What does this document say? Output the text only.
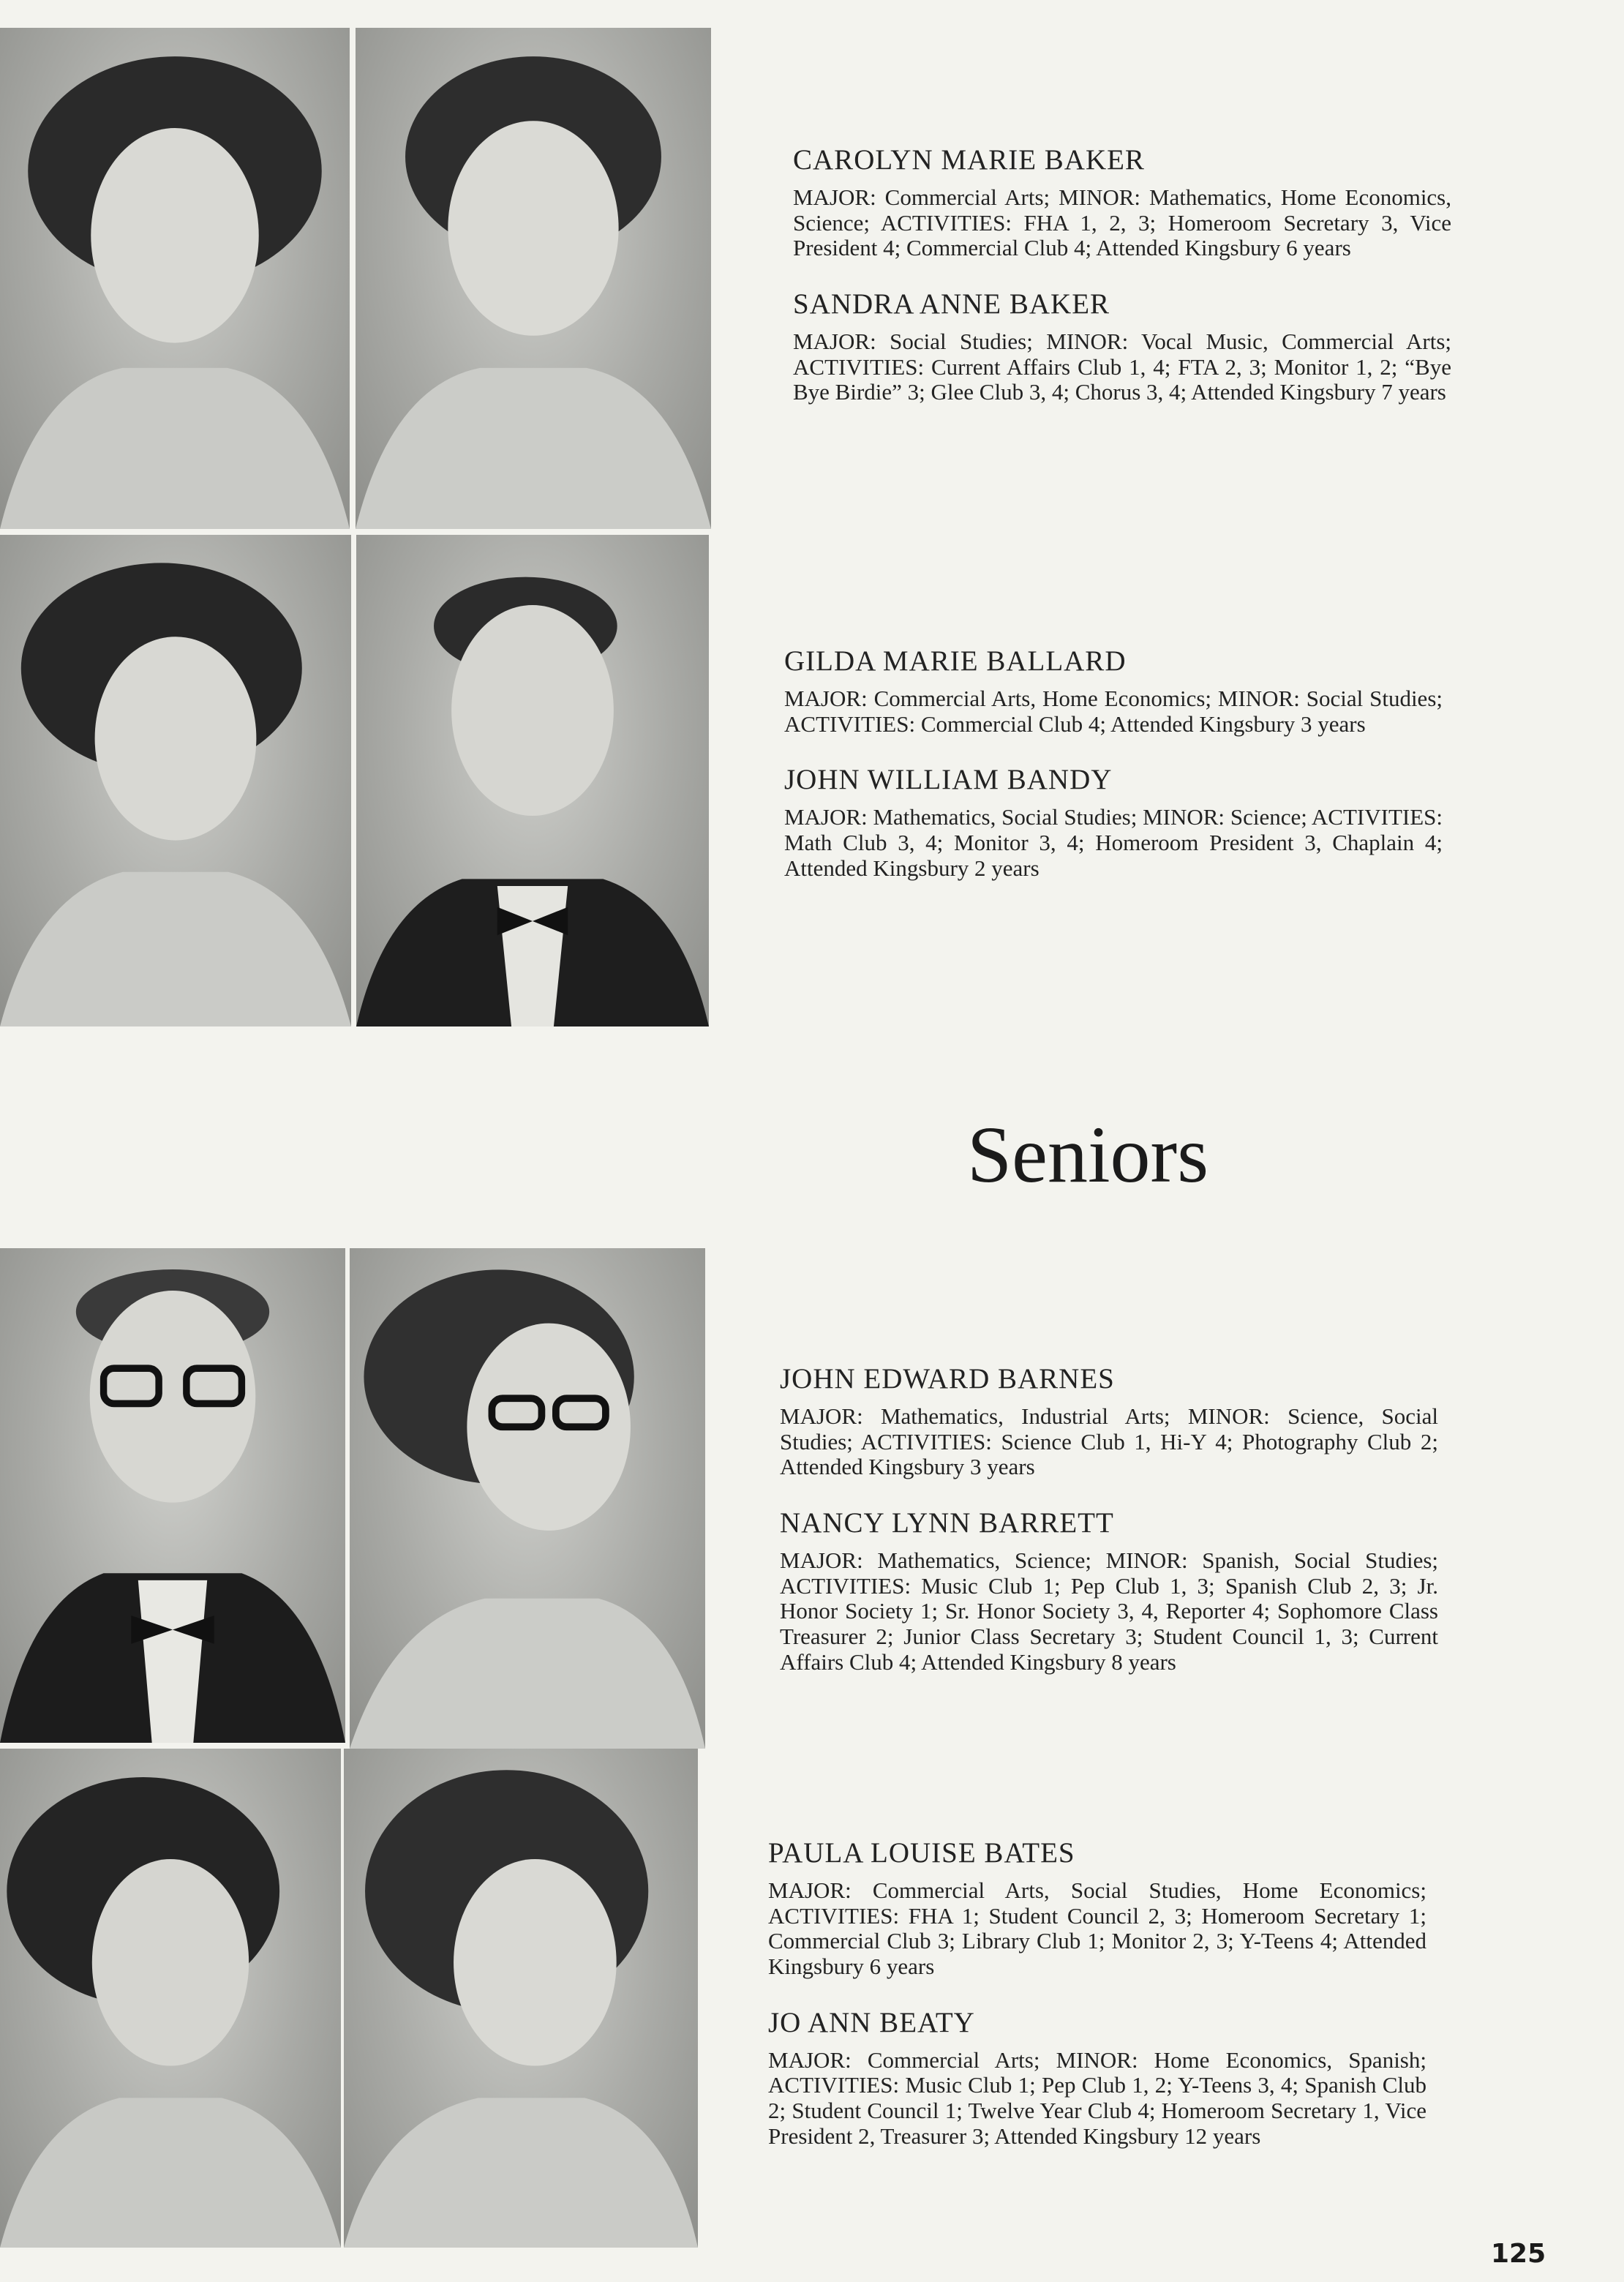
CAROLYN MARIE BAKER
MAJOR: Commercial Arts; MINOR: Mathematics, Home Economics, Science; ACTIVITIES: FHA 1, 2, 3; Homeroom Secretary 3, Vice President 4; Commercial Club 4; Attended Kingsbury 6 years
SANDRA ANNE BAKER
MAJOR: Social Studies; MINOR: Vocal Music, Commercial Arts; ACTIVITIES: Current Affairs Club 1, 4; FTA 2, 3; Monitor 1, 2; “Bye Bye Birdie” 3; Glee Club 3, 4; Chorus 3, 4; Attended Kingsbury 7 years
GILDA MARIE BALLARD
MAJOR: Commercial Arts, Home Economics; MINOR: Social Studies; ACTIVITIES: Commercial Club 4; Attended Kingsbury 3 years
JOHN WILLIAM BANDY
MAJOR: Mathematics, Social Studies; MINOR: Science; ACTIVITIES: Math Club 3, 4; Monitor 3, 4; Homeroom President 3, Chaplain 4; Attended Kingsbury 2 years
Seniors
JOHN EDWARD BARNES
MAJOR: Mathematics, Industrial Arts; MINOR: Science, Social Studies; ACTIVITIES: Science Club 1, Hi-Y 4; Photography Club 2; Attended Kingsbury 3 years
NANCY LYNN BARRETT
MAJOR: Mathematics, Science; MINOR: Spanish, Social Studies; ACTIVITIES: Music Club 1; Pep Club 1, 3; Spanish Club 2, 3; Jr. Honor Society 1; Sr. Honor Society 3, 4, Reporter 4; Sophomore Class Treasurer 2; Junior Class Secretary 3; Student Council 1, 3; Current Affairs Club 4; Attended Kingsbury 8 years
PAULA LOUISE BATES
MAJOR: Commercial Arts, Social Studies, Home Economics; ACTIVITIES: FHA 1; Student Council 2, 3; Homeroom Secretary 1; Commercial Club 3; Library Club 1; Monitor 2, 3; Y-Teens 4; Attended Kingsbury 6 years
JO ANN BEATY
MAJOR: Commercial Arts; MINOR: Home Economics, Spanish; ACTIVITIES: Music Club 1; Pep Club 1, 2; Y-Teens 3, 4; Spanish Club 2; Student Council 1; Twelve Year Club 4; Homeroom Secretary 1, Vice President 2, Treasurer 3; Attended Kingsbury 12 years
125
